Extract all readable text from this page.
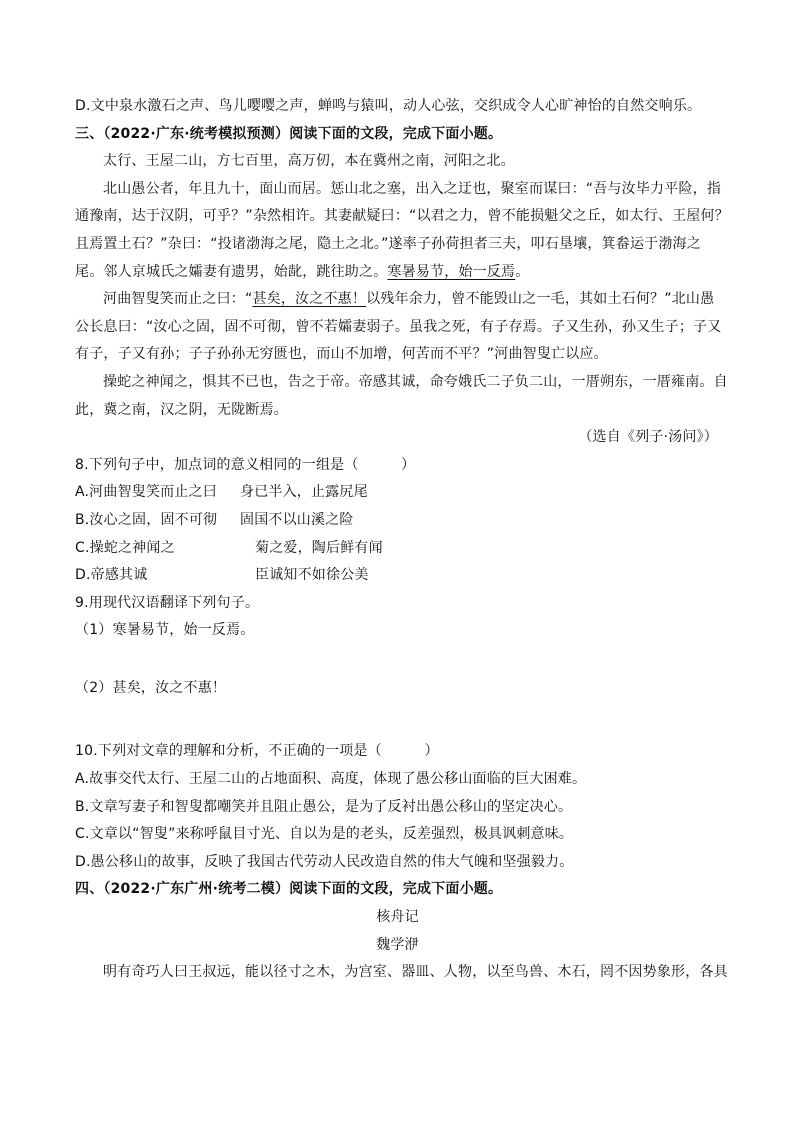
D.文中泉水激石之声、鸟儿嘤嘤之声，蝉鸣与猿叫，动人心弦，交织成令人心旷神怡的自然交响乐。
三、（2022·广东·统考模拟预测）阅读下面的文段，完成下面小题。
太行、王屋二山，方七百里，高万仞，本在冀州之南，河阳之北。
北山愚公者，年且九十，面山而居。惩山北之塞，出入之迂也，聚室而谋曰：“吾与汝毕力平险，指
通豫南，达于汉阴，可乎？”杂然相许。其妻献疑曰：“以君之力，曾不能损魁父之丘，如太行、王屋何？
且焉置土石？”杂曰：“投诸渤海之尾，隐土之北。”遂率子孙荷担者三夫，叩石垦壤，箕畚运于渤海之
尾。邻人京城氏之孀妻有遗男，始龀，跳往助之。寒暑易节，始一反焉。
河曲智叟笑而止之曰：“甚矣，汝之不惠！以残年余力，曾不能毁山之一毛，其如土石何？”北山愚
公长息曰：“汝心之固，固不可彻，曾不若孀妻弱子。虽我之死，有子存焉。子又生孙，孙又生子；子又
有子，子又有孙；子子孙孙无穷匮也，而山不加增，何苦而不平？”河曲智叟亡以应。
操蛇之神闻之，惧其不已也，告之于帝。帝感其诚，命夸娥氏二子负二山，一厝朔东，一厝雍南。自
此，冀之南，汉之阴，无陇断焉。
（选自《列子·汤问》）
8.下列句子中，加点词的意义相同的一组是（　　　）
A.河曲智叟笑而止之曰 身已半入，止露尻尾
B.汝心之固，固不可彻 固国不以山溪之险
C.操蛇之神闻之	菊之爱，陶后鲜有闻
D.帝感其诚	臣诚知不如徐公美
9.用现代汉语翻译下列句子。
（1）寒暑易节，始一反焉。
（2）甚矣，汝之不惠！
10.下列对文章的理解和分析，不正确的一项是（　　　）
A.故事交代太行、王屋二山的占地面积、高度，体现了愚公移山面临的巨大困难。
B.文章写妻子和智叟都嘲笑并且阻止愚公，是为了反衬出愚公移山的坚定决心。
C.文章以“智叟”来称呼鼠目寸光、自以为是的老头，反差强烈，极具讽刺意味。
D.愚公移山的故事，反映了我国古代劳动人民改造自然的伟大气魄和坚强毅力。
四、（2022·广东广州·统考二模）阅读下面的文段，完成下面小题。
核舟记
魏学洢
明有奇巧人曰王叔远，能以径寸之木，为宫室、器皿、人物，以至鸟兽、木石，罔不因势象形，各具
